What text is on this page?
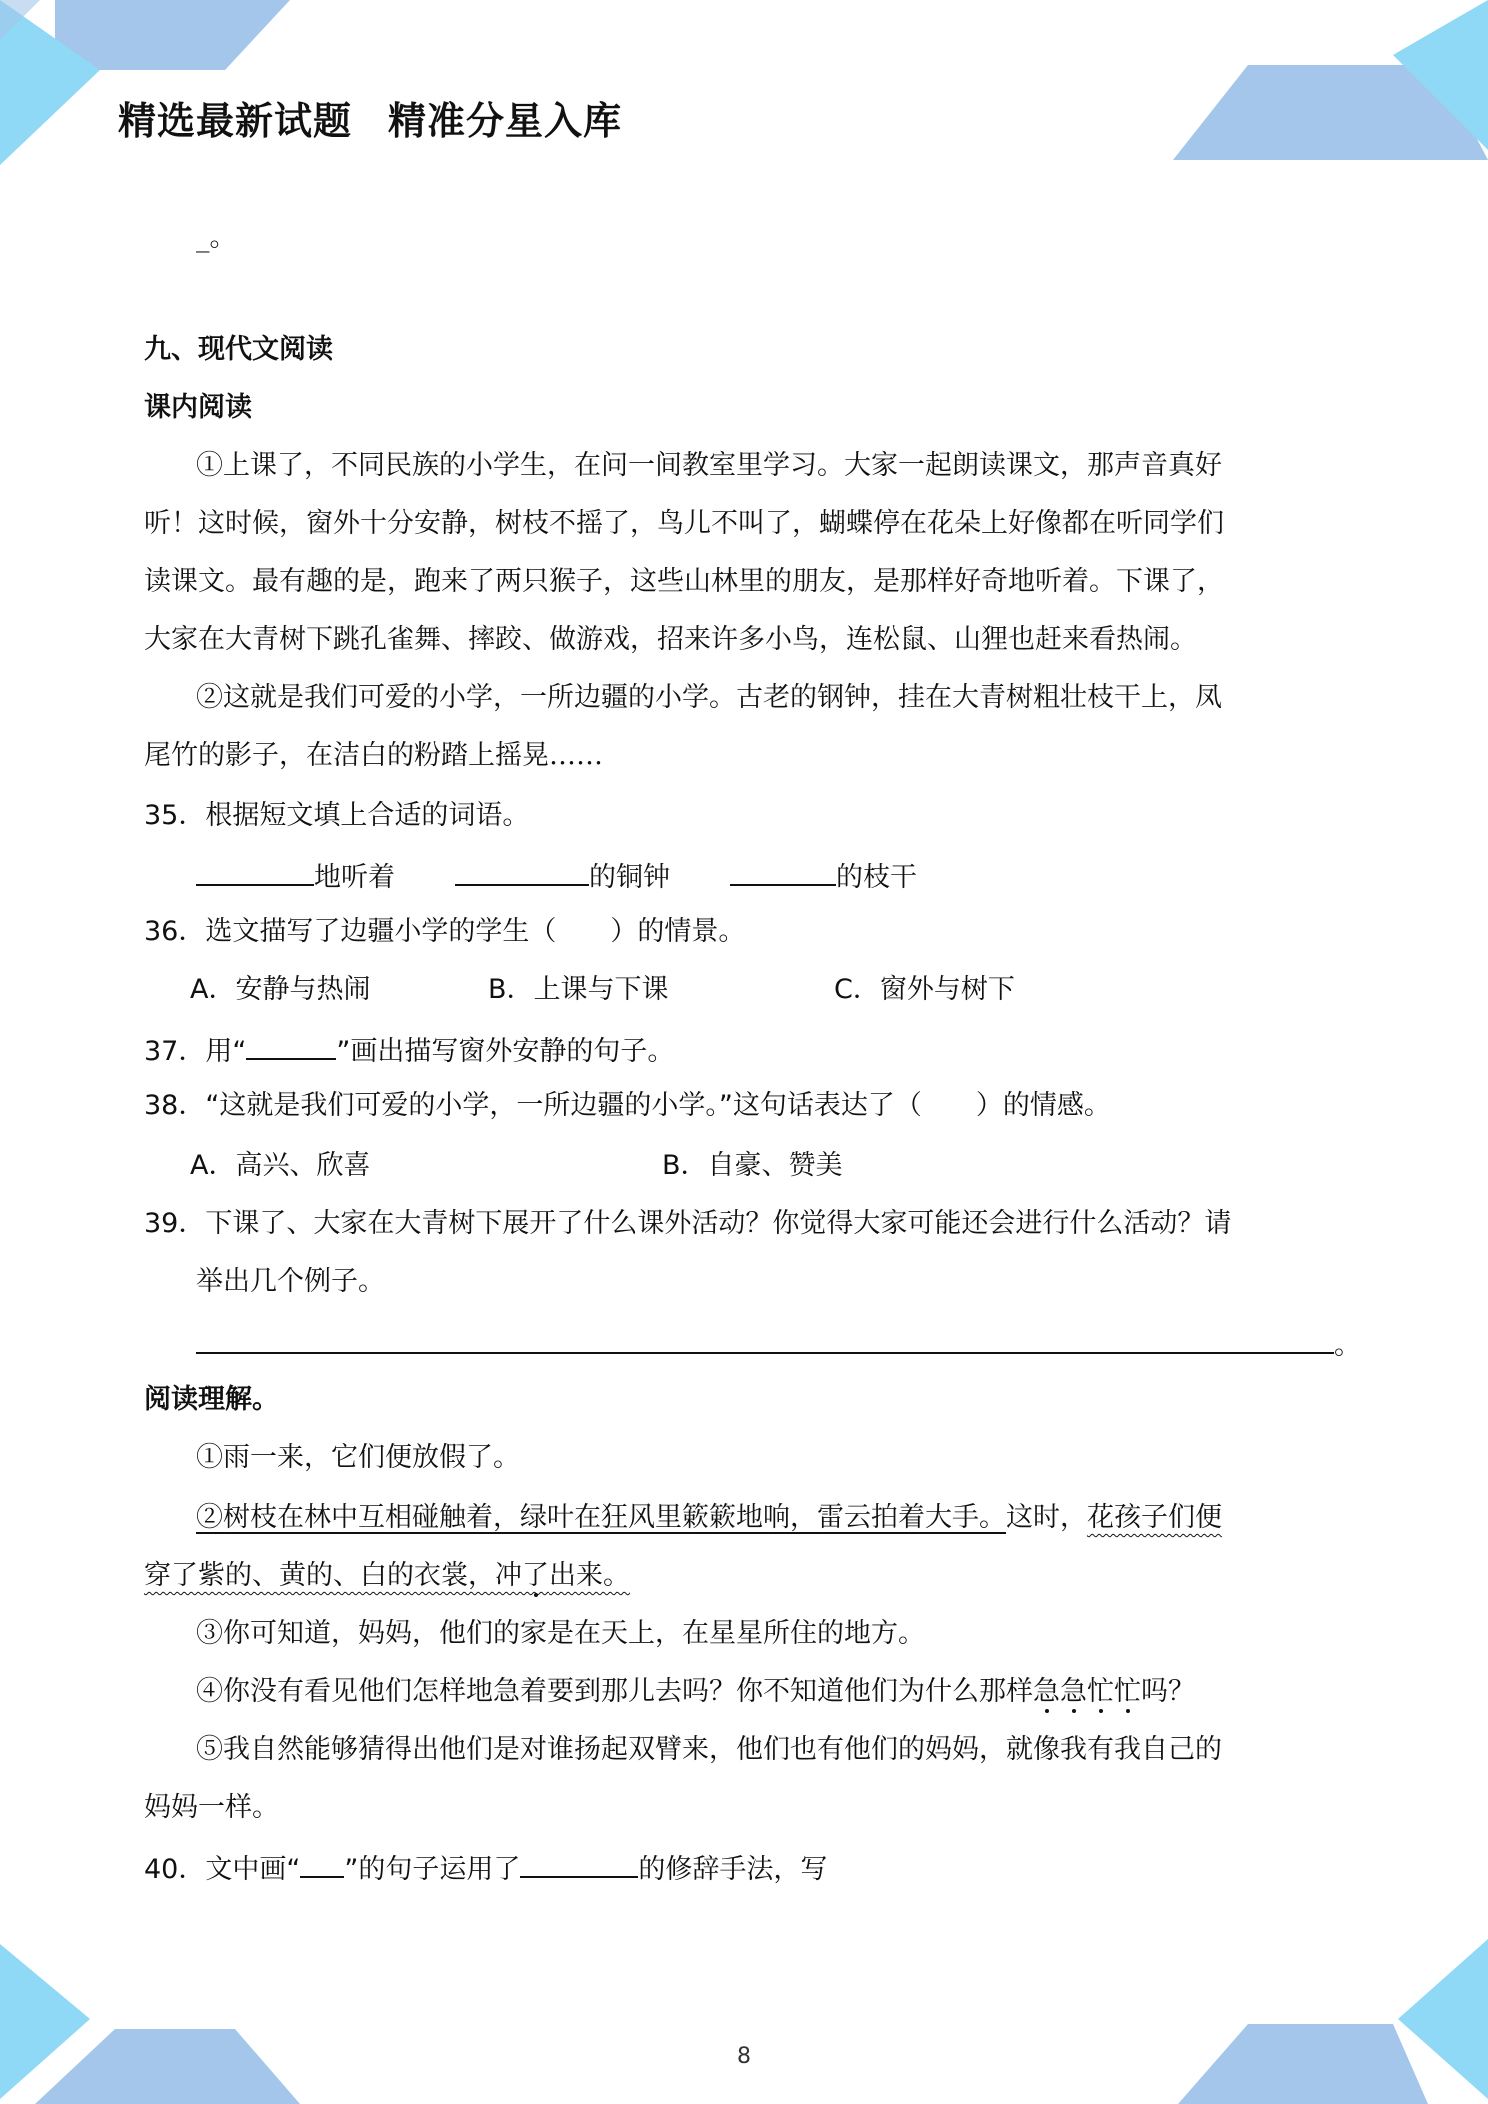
精选最新试题 精准分星入库
_。
九、现代文阅读
课内阅读
①上课了，不同民族的小学生，在问一间教室里学习。大家一起朗读课文，那声音真好
听！这时候，窗外十分安静，树枝不摇了，鸟儿不叫了，蝴蝶停在花朵上好像都在听同学们
读课文。最有趣的是，跑来了两只猴子，这些山林里的朋友，是那样好奇地听着。下课了，
大家在大青树下跳孔雀舞、摔跤、做游戏，招来许多小鸟，连松鼠、山狸也赶来看热闹。
②这就是我们可爱的小学，一所边疆的小学。古老的钢钟，挂在大青树粗壮枝干上，凤
尾竹的影子，在洁白的粉踏上摇晃……
35．根据短文填上合适的词语。
地听着	的铜钟	的枝干
36．选文描写了边疆小学的学生（　　）的情景。
A．安静与热闹	B．上课与下课	C．窗外与树下
37．用“	”画出描写窗外安静的句子。
38．“这就是我们可爱的小学，一所边疆的小学。”这句话表达了（　　）的情感。
A．高兴、欣喜	B．自豪、赞美
39．下课了、大家在大青树下展开了什么课外活动？你觉得大家可能还会进行什么活动？请
举出几个例子。
。
阅读理解。
①雨一来，它们便放假了。
②树枝在林中互相碰触着，绿叶在狂风里簌簌地响，雷云拍着大手。这时，花孩子们便
穿了紫的、黄的、白的衣裳，冲了出来。
③你可知道，妈妈，他们的家是在天上，在星星所住的地方。
④你没有看见他们怎样地急着要到那儿去吗？你不知道他们为什么那样急急忙忙吗？
⑤我自然能够猜得出他们是对谁扬起双臂来，他们也有他们的妈妈，就像我有我自己的
妈妈一样。
40．文中画“ ”的句子运用了	的修辞手法，写
8
